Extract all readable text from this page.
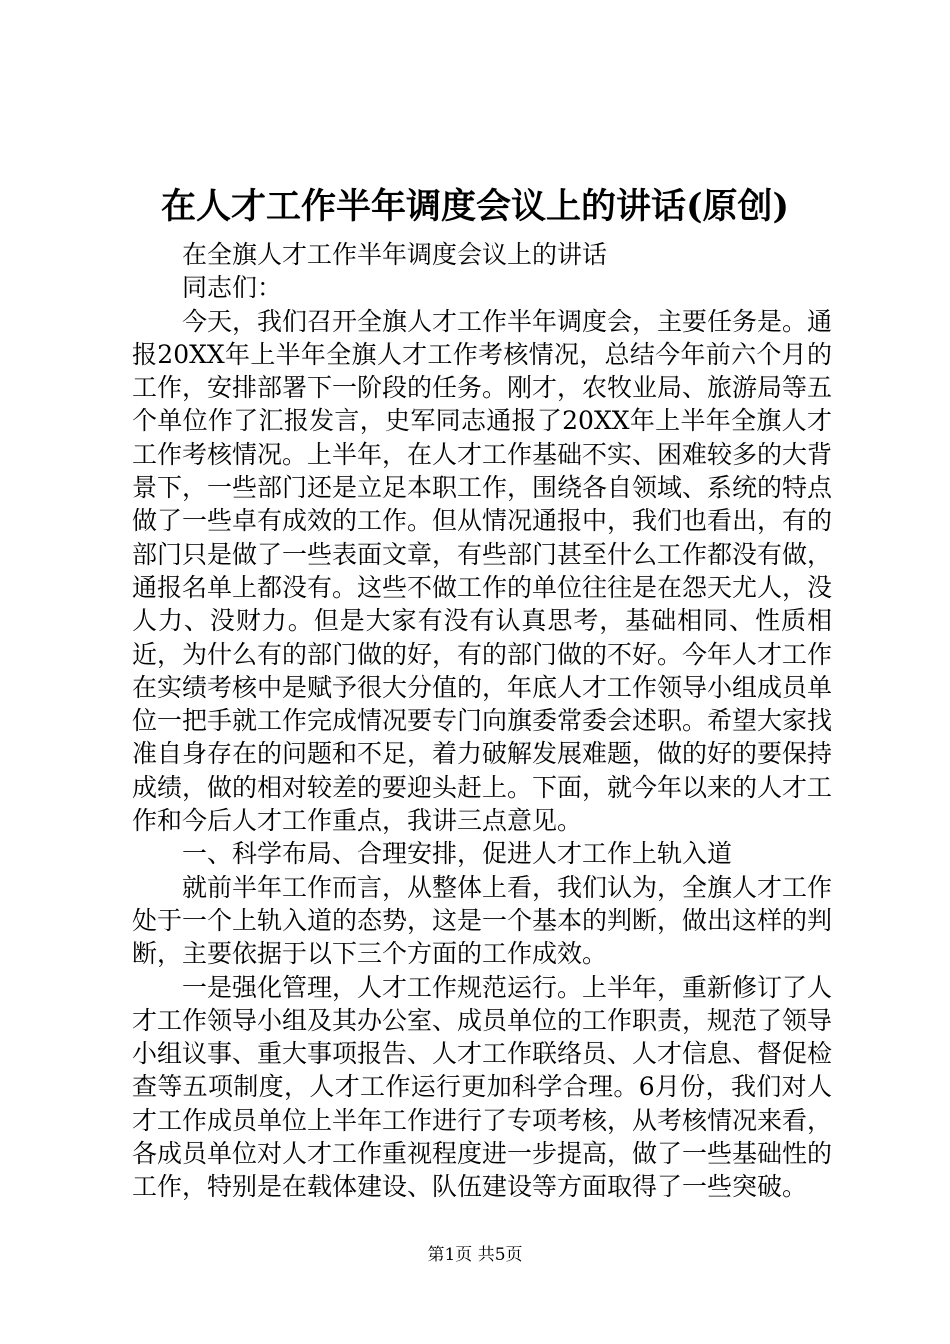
在人才工作半年调度会议上的讲话(原创)

在全旗人才工作半年调度会议上的讲话

同志们：

今天，我们召开全旗人才工作半年调度会，主要任务是。通报20XX年上半年全旗人才工作考核情况，总结今年前六个月的工作，安排部署下一阶段的任务。刚才，农牧业局、旅游局等五个单位作了汇报发言，史军同志通报了20XX年上半年全旗人才工作考核情况。上半年，在人才工作基础不实、困难较多的大背景下，一些部门还是立足本职工作，围绕各自领域、系统的特点做了一些卓有成效的工作。但从情况通报中，我们也看出，有的部门只是做了一些表面文章，有些部门甚至什么工作都没有做，通报名单上都没有。这些不做工作的单位往往是在怨天尤人，没人力、没财力。但是大家有没有认真思考，基础相同、性质相近，为什么有的部门做的好，有的部门做的不好。今年人才工作在实绩考核中是赋予很大分值的，年底人才工作领导小组成员单位一把手就工作完成情况要专门向旗委常委会述职。希望大家找准自身存在的问题和不足，着力破解发展难题，做的好的要保持成绩，做的相对较差的要迎头赶上。下面，就今年以来的人才工作和今后人才工作重点，我讲三点意见。

一、科学布局、合理安排，促进人才工作上轨入道

就前半年工作而言，从整体上看，我们认为，全旗人才工作处于一个上轨入道的态势，这是一个基本的判断，做出这样的判断，主要依据于以下三个方面的工作成效。

一是强化管理，人才工作规范运行。上半年，重新修订了人才工作领导小组及其办公室、成员单位的工作职责，规范了领导小组议事、重大事项报告、人才工作联络员、人才信息、督促检查等五项制度，人才工作运行更加科学合理。6月份，我们对人才工作成员单位上半年工作进行了专项考核，从考核情况来看，各成员单位对人才工作重视程度进一步提高，做了一些基础性的工作，特别是在载体建设、队伍建设等方面取得了一些突破。

第1页 共5页
